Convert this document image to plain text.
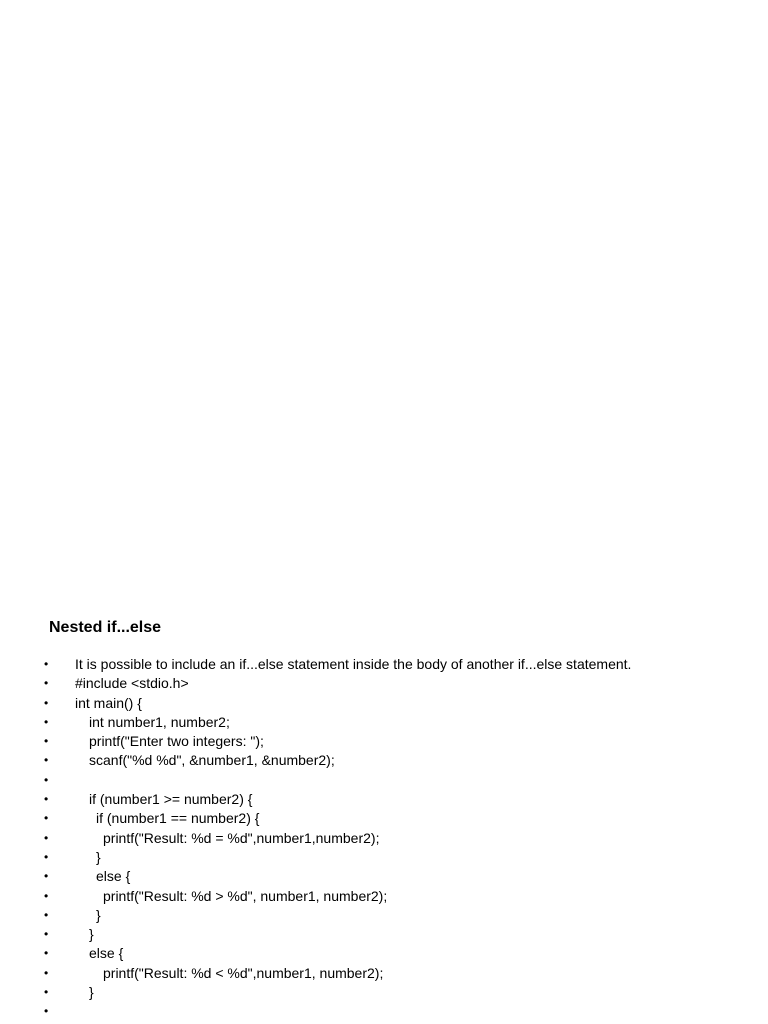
Nested if...else
• It is possible to include an if...else statement inside the body of another if...else statement.
• #include <stdio.h>
• int main() {
•	int number1, number2;
•	printf("Enter two integers: ");
•	scanf("%d %d", &number1, &number2);
•
•	if (number1 >= number2) {
•	if (number1 == number2) {
•	printf("Result: %d = %d",number1,number2);
•	}
•	else {
•	printf("Result: %d > %d", number1, number2);
•	}
•	}
•	else {
•	printf("Result: %d < %d",number1, number2);
•	}
•
